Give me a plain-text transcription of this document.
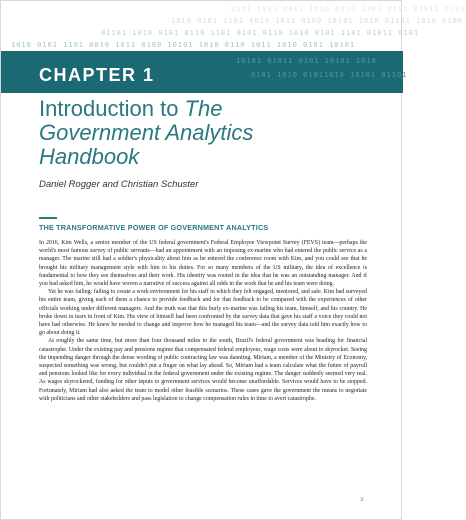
0101 1011 0011 1010 0110 1101 0101 01011 0101
1010 0101 1101 0010 1011 0100 10101 1010 01101 1010 0100
01101 1010 0101 0110 1101 0101 0110 1010 0101 1101 01011 0101
1010 0101 1101 0010 1011 0100 10101 1010 0110 1011 1010 0101 10101
10101 01011 0101 10101 1010
0101 1010 01011010 10101 01101
CHAPTER 1
Introduction to The
Government Analytics
Handbook
Daniel Rogger and Christian Schuster
THE TRANSFORMATIVE POWER OF GOVERNMENT ANALYTICS

In 2016, Kim Wells, a senior member of the US federal government's Federal Employee Viewpoint Survey (FEVS) team—perhaps the world's most famous survey of public servants—had an appointment with an imposing ex-marine who had entered the public service as a manager. The marine still had a soldier's physicality about him as he entered the conference room with Kim, and you could see that he brought his military management style with him to his duties. For so many members of the US military, the idea of excellence is fundamental to how they see themselves and their work. His identity was rooted in the idea that he was an outstanding manager. And if you had asked him, he would have woven a narrative of success against all odds in the work that he and his team were doing.

Yet he was failing: failing to create a work environment for his staff in which they felt engaged, mentored, and safe. Kim had surveyed his entire team, giving each of them a chance to provide feedback and for that feedback to be compared with the experiences of other officials working under different managers. And the truth was that this burly ex-marine was failing his team, himself, and his country. He broke down in tears in front of Kim. His view of himself had been confronted by the survey data that gave his staff a voice they could not have had otherwise. He knew he needed to change and improve how he managed his team—and the survey data told him exactly how to go about doing it.

At roughly the same time, but more than four thousand miles to the south, Brazil's federal government was heading for financial catastrophe. Under the existing pay and pensions regime that compensated federal employees, wage costs were about to skyrocket. Seeing the impending danger through the dense wording of public contracting law was daunting. Miriam, a member of the Ministry of Economy, suspected something was wrong, but couldn't put a finger on what lay ahead. So, Miriam had a team calculate what the future of payroll and pensions looked like for every individual in the federal government under the existing regime. The danger suddenly seemed very real. As wages skyrocketed, funding for other inputs to government services would become unaffordable. Services would have to be stopped. Fortunately, Miriam had also asked the team to model other feasible scenarios. These cases gave the government the means to negotiate with politicians and other stakeholders and pass legislation to change compensation rules in time to avert catastrophe.

3
